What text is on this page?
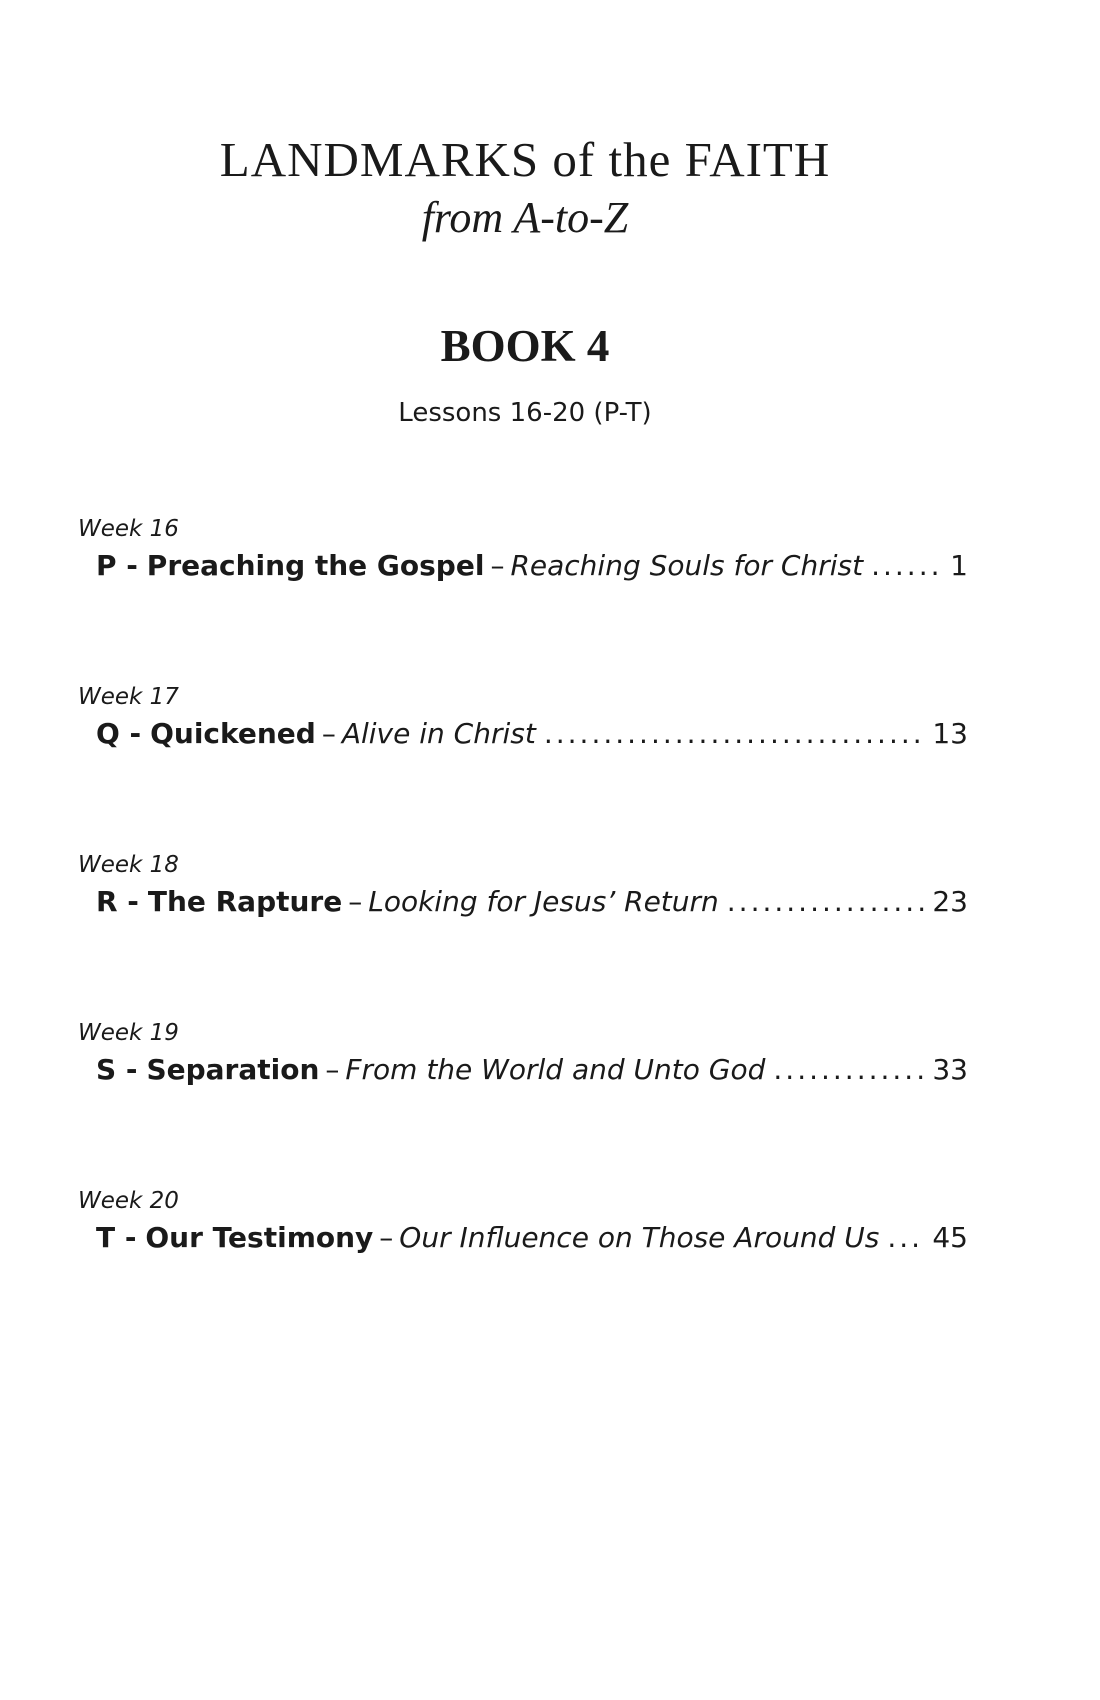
LANDMARKS of the FAITH
from A-to-Z
BOOK 4
Lessons 16-20 (P-T)
Week 16
P -
Preaching the Gospel – Reaching Souls for Christ .....	1
Week 17
Q -
Quickened – Alive in Christ .....	13
Week 18
R -
The Rapture – Looking for Jesus’ Return .....	23
Week 19
S -
Separation – From the World and Unto God .....	33
Week 20
T -
Our Testimony – Our Influence on Those Around Us ..... 45
